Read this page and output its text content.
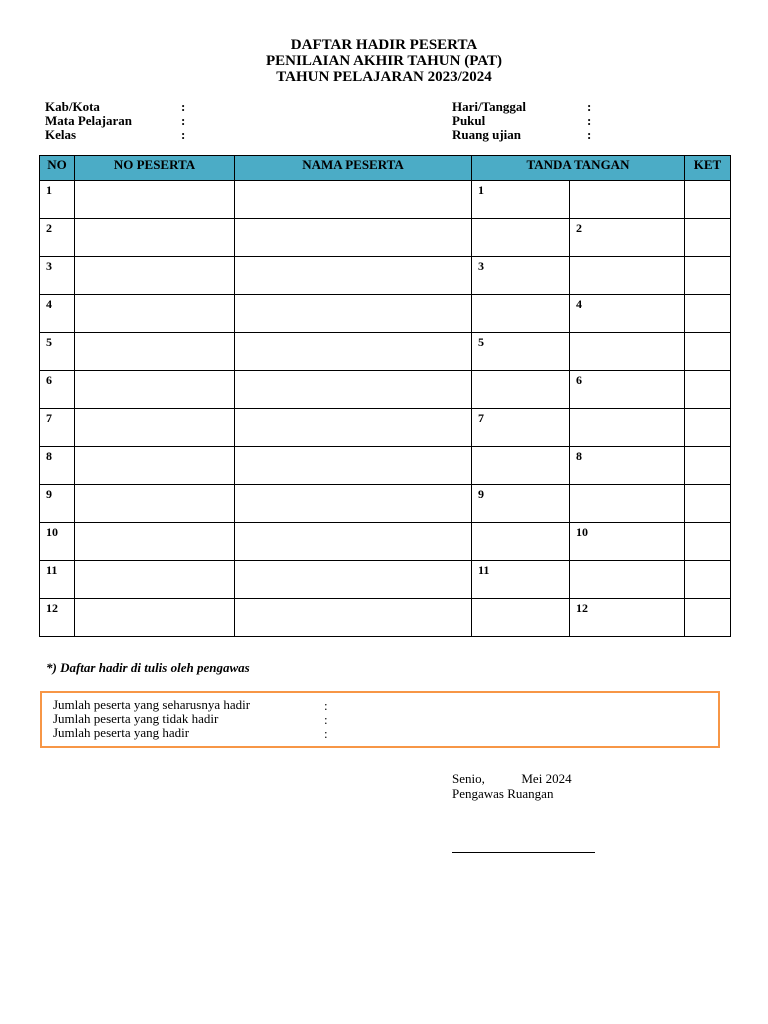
DAFTAR HADIR PESERTA
PENILAIAN AKHIR TAHUN (PAT)
TAHUN PELAJARAN 2023/2024
Kab/Kota	:
Mata Pelajaran	:
Kelas	:
Hari/Tanggal	:
Pukul	:
Ruang ujian	:
NO	NO PESERTA	NAMA PESERTA	TANDA TANGAN		KET

1			1		

2				2	

3			3		

4				4	

5			5		

6				6	

7			7		

8				8	

9			9		

10				10	

11			11		

12				12	

*) Daftar hadir di tulis oleh pengawas
Jumlah peserta yang seharusnya hadir	:
Jumlah peserta yang tidak hadir	:
Jumlah peserta yang hadir	:
Senio,	Mei 2024
Pengawas Ruangan
